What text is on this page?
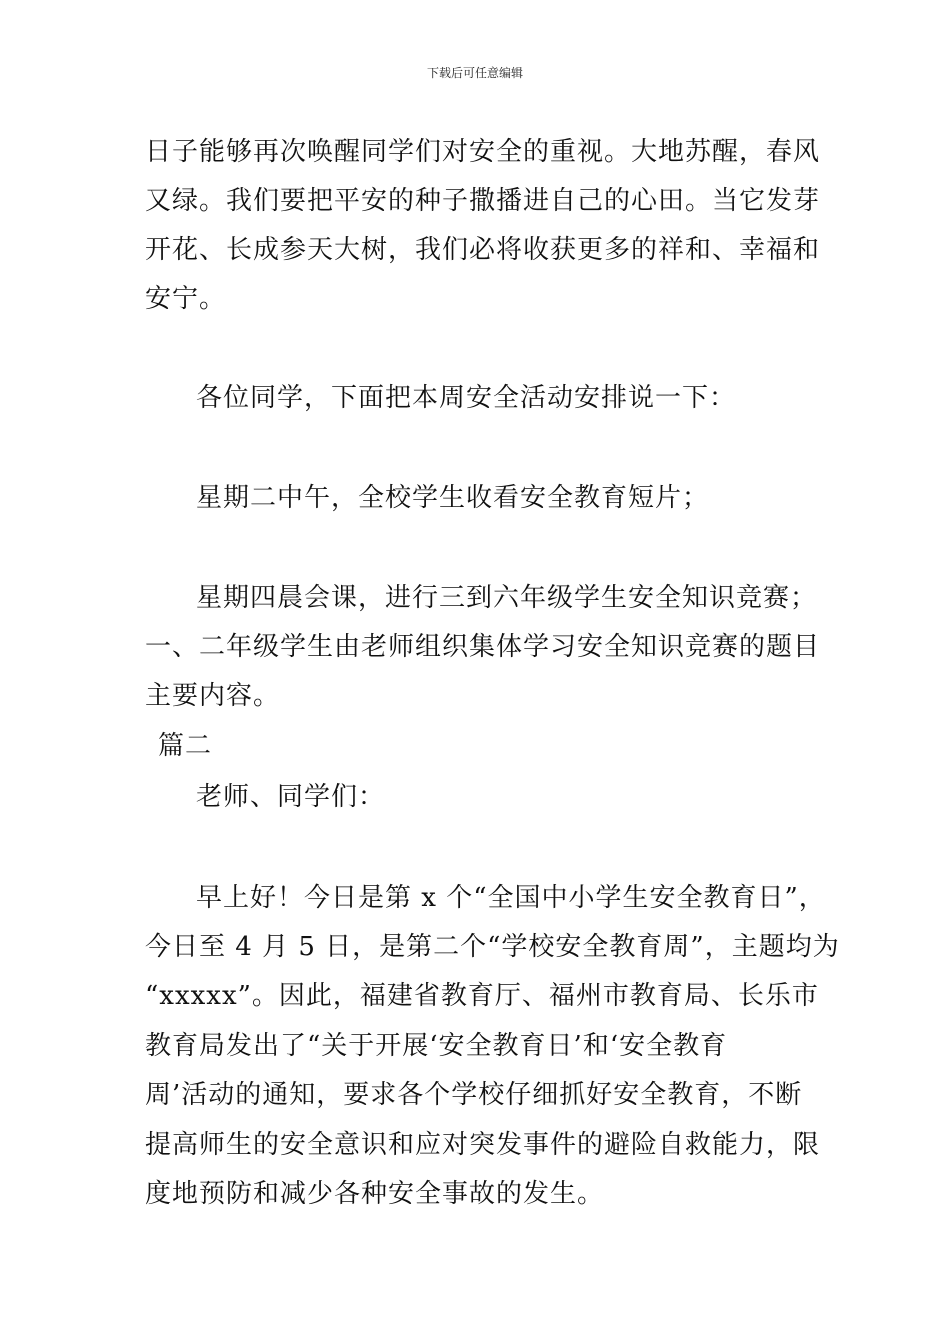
下载后可任意编辑
日子能够再次唤醒同学们对安全的重视。大地苏醒，春风
又绿。我们要把平安的种子撒播进自己的心田。当它发芽
开花、长成参天大树，我们必将收获更多的祥和、幸福和
安宁。
各位同学，下面把本周安全活动安排说一下：
星期二中午，全校学生收看安全教育短片；
星期四晨会课，进行三到六年级学生安全知识竞赛；
一、二年级学生由老师组织集体学习安全知识竞赛的题目
主要内容。
篇二
老师、同学们：
早上好！今日是第 x 个“全国中小学生安全教育日”，
今日至 4 月 5 日，是第二个“学校安全教育周”，主题均为
“xxxxx”。因此，福建省教育厅、福州市教育局、长乐市
教育局发出了“关于开展‘安全教育日’和‘安全教育
周’活动的通知，要求各个学校仔细抓好安全教育，不断
提高师生的安全意识和应对突发事件的避险自救能力，限
度地预防和减少各种安全事故的发生。
